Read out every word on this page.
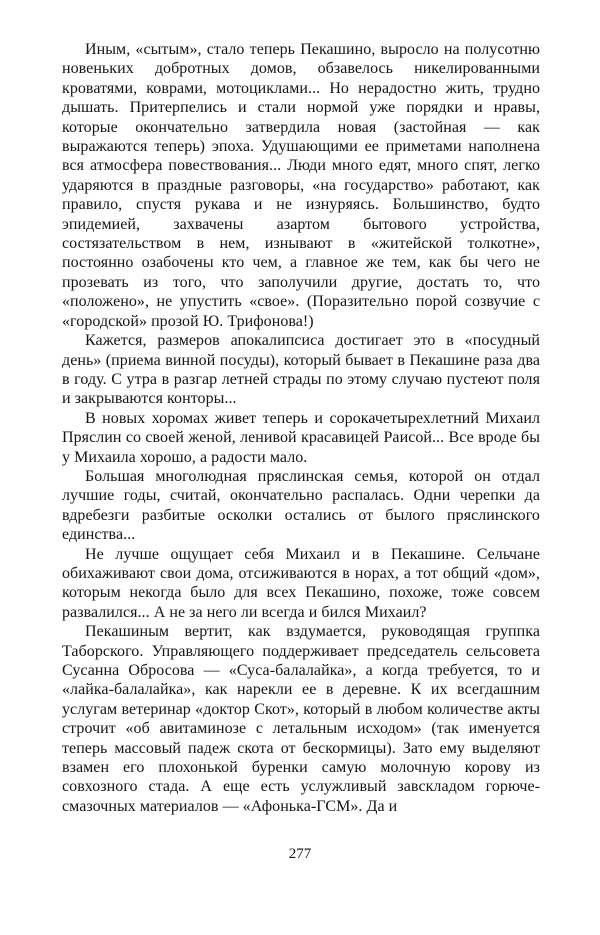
Иным, «сытым», стало теперь Пекашино, выросло на полусотню новеньких добротных домов, обзавелось никелированными кроватями, коврами, мотоциклами... Но нерадостно жить, трудно дышать. Притерпелись и стали нормой уже порядки и нравы, которые окончательно затвердила новая (застойная — как выражаются теперь) эпоха. Удушающими ее приметами наполнена вся атмосфера повествования... Люди много едят, много спят, легко ударяются в праздные разговоры, «на государство» работают, как правило, спустя рукава и не изнуряясь. Большинство, будто эпидемией, захвачены азартом бытового устройства, состязательством в нем, изнывают в «житейской толкотне», постоянно озабочены кто чем, а главное же тем, как бы чего не прозевать из того, что заполучили другие, достать то, что «положено», не упустить «свое». (Поразительно порой созвучие с «городской» прозой Ю. Трифонова!)

Кажется, размеров апокалипсиса достигает это в «посудный день» (приема винной посуды), который бывает в Пекашине раза два в году. С утра в разгар летней страды по этому случаю пустеют поля и закрываются конторы...

В новых хоромах живет теперь и сорокачетырехлетний Михаил Пряслин со своей женой, ленивой красавицей Раисой... Все вроде бы у Михаила хорошо, а радости мало.

Большая многолюдная пряслинская семья, которой он отдал лучшие годы, считай, окончательно распалась. Одни черепки да вдребезги разбитые осколки остались от былого пряслинского единства...

Не лучше ощущает себя Михаил и в Пекашине. Сельчане обихаживают свои дома, отсиживаются в норах, а тот общий «дом», которым некогда было для всех Пекашино, похоже, тоже совсем развалился... А не за него ли всегда и бился Михаил?

Пекашиным вертит, как вздумается, руководящая группка Таборского. Управляющего поддерживает председатель сельсовета Сусанна Обросова — «Суса-балалайка», а когда требуется, то и «лайка-балалайка», как нарекли ее в деревне. К их всегдашним услугам ветеринар «доктор Скот», который в любом количестве акты строчит «об авитаминозе с летальным исходом» (так именуется теперь массовый падеж скота от бескормицы). Зато ему выделяют взамен его плохонькой буренки самую молочную корову из совхозного стада. А еще есть услужливый завскладом горюче-смазочных материалов — «Афонька-ГСМ». Да и

277
